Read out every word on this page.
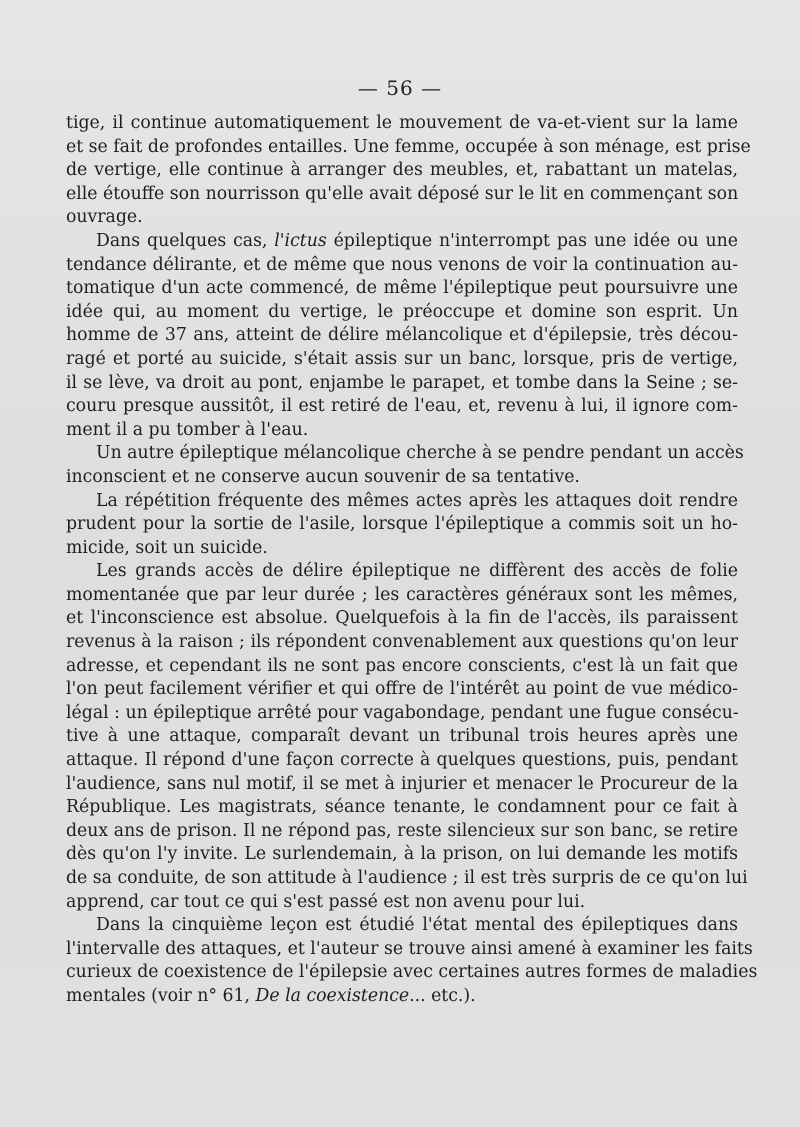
— 56 —
tige, il continue automatiquement le mouvement de va-et-vient sur la lame
et se fait de profondes entailles. Une femme, occupée à son ménage, est prise
de vertige, elle continue à arranger des meubles, et, rabattant un matelas,
elle étouffe son nourrisson qu'elle avait déposé sur le lit en commençant son
ouvrage.
Dans quelques cas, l'ictus épileptique n'interrompt pas une idée ou une
tendance délirante, et de même que nous venons de voir la continuation au-
tomatique d'un acte commencé, de même l'épileptique peut poursuivre une
idée qui, au moment du vertige, le préoccupe et domine son esprit. Un
homme de 37 ans, atteint de délire mélancolique et d'épilepsie, très décou-
ragé et porté au suicide, s'était assis sur un banc, lorsque, pris de vertige,
il se lève, va droit au pont, enjambe le parapet, et tombe dans la Seine ; se-
couru presque aussitôt, il est retiré de l'eau, et, revenu à lui, il ignore com-
ment il a pu tomber à l'eau.
Un autre épileptique mélancolique cherche à se pendre pendant un accès
inconscient et ne conserve aucun souvenir de sa tentative.
La répétition fréquente des mêmes actes après les attaques doit rendre
prudent pour la sortie de l'asile, lorsque l'épileptique a commis soit un ho-
micide, soit un suicide.
Les grands accès de délire épileptique ne diffèrent des accès de folie
momentanée que par leur durée ; les caractères généraux sont les mêmes,
et l'inconscience est absolue. Quelquefois à la fin de l'accès, ils paraissent
revenus à la raison ; ils répondent convenablement aux questions qu'on leur
adresse, et cependant ils ne sont pas encore conscients, c'est là un fait que
l'on peut facilement vérifier et qui offre de l'intérêt au point de vue médico-
légal : un épileptique arrêté pour vagabondage, pendant une fugue consécu-
tive à une attaque, comparaît devant un tribunal trois heures après une
attaque. Il répond d'une façon correcte à quelques questions, puis, pendant
l'audience, sans nul motif, il se met à injurier et menacer le Procureur de la
République. Les magistrats, séance tenante, le condamnent pour ce fait à
deux ans de prison. Il ne répond pas, reste silencieux sur son banc, se retire
dès qu'on l'y invite. Le surlendemain, à la prison, on lui demande les motifs
de sa conduite, de son attitude à l'audience ; il est très surpris de ce qu'on lui
apprend, car tout ce qui s'est passé est non avenu pour lui.
Dans la cinquième leçon est étudié l'état mental des épileptiques dans
l'intervalle des attaques, et l'auteur se trouve ainsi amené à examiner les faits
curieux de coexistence de l'épilepsie avec certaines autres formes de maladies
mentales (voir n° 61, De la coexistence... etc.).
